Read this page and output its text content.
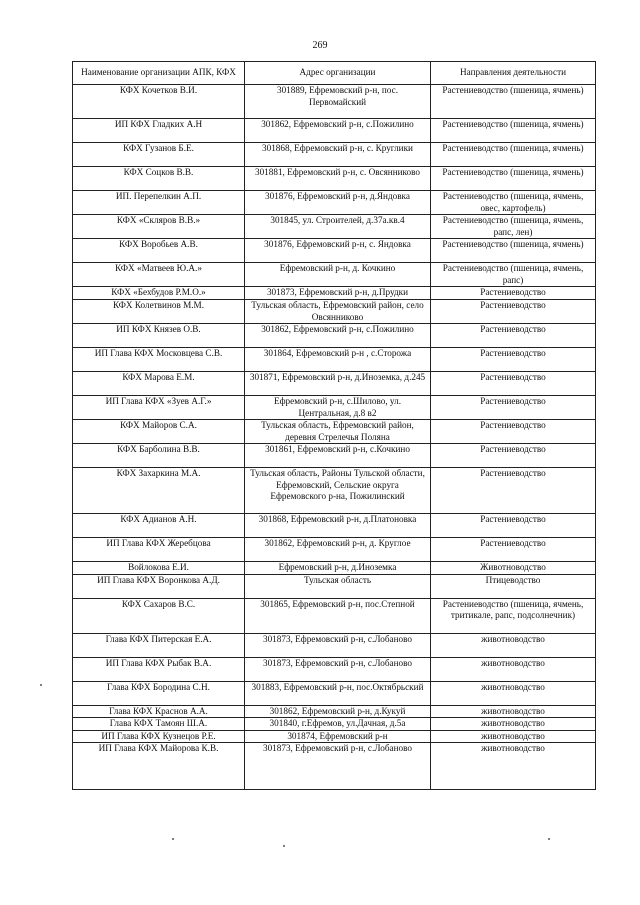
269
Наименование организации АПК, КФХ	Адрес организации	Направления деятельности
КФХ Кочетков В.И.	301889, Ефремовский р-н, пос. Первомайский	Растениеводство (пшеница, ячмень)
ИП КФХ Гладких А.Н	301862, Ефремовский р-н, с.Пожилино	Растениеводство (пшеница, ячмень)
КФХ Гузанов Б.Е.	301868, Ефремовский р-н, с. Круглики	Растениеводство (пшеница, ячмень)
КФХ Соцков В.В.	301881, Ефремовский р-н, с. Овсянниково	Растениеводство (пшеница, ячмень)
ИП. Перепелкин А.П.	301876, Ефремовский р-н, д.Яндовка	Растениеводство (пшеница, ячмень, овес, картофель)
КФХ «Скляров В.В.»	301845, ул. Строителей, д.37а.кв.4	Растениеводство (пшеница, ячмень, рапс, лен)
КФХ Воробьев А.В.	301876, Ефремовский р-н, с. Яндовка	Растениеводство (пшеница, ячмень)
КФХ «Матвеев Ю.А.»	Ефремовский р-н, д. Кочкино	Растениеводство (пшеница, ячмень, рапс)
КФХ «Бехбудов Р.М.О.»	301873, Ефремовский р-н, д.Прудки	Растениеводство
КФХ Колетвинов М.М.	Тульская область, Ефремовский район, село Овсянниково	Растениеводство
ИП КФХ Князев О.В.	301862, Ефремовский р-н, с.Пожилино	Растениеводство
ИП Глава КФХ Московцева С.В.	301864, Ефремовский р-н , с.Сторожа	Растениеводство
КФХ Марова Е.М.	301871, Ефремовский р-н, д.Иноземка, д.245	Растениеводство
ИП Глава КФХ «Зуев А.Г.»	Ефремовский р-н, с.Шилово, ул. Центральная, д.8 в2	Растениеводство
КФХ Майоров С.А.	Тульская область, Ефремовский район, деревня Стрелечья Поляна	Растениеводство
КФХ Барболина В.В.	301861, Ефремовский р-н, с.Кочкино	Растениеводство
КФХ Захаркина М.А.	Тульская область, Районы Тульской области, Ефремовский, Сельские округа Ефремовского р-на, Пожилинский	Растениеводство
КФХ Адианов А.Н.	301868, Ефремовский р-н, д.Платоновка	Растениеводство
ИП Глава КФХ Жеребцова	301862, Ефремовский р-н, д. Круглое	Растениеводство
Войлокова Е.И.	Ефремовский р-н, д.Иноземка	Животноводство
ИП Глава КФХ Воронкова А.Д.	Тульская область	Птицеводство
КФХ Сахаров В.С.	301865, Ефремовский р-н, пос.Степной	Растениеводство (пшеница, ячмень, тритикале, рапс, подсолнечник)
Глава КФХ Питерская Е.А.	301873, Ефремовский р-н, с.Лобаново	животноводство
ИП Глава КФХ Рыбак В.А.	301873, Ефремовский р-н, с.Лобаново	животноводство
Глава КФХ Бородина С.Н.	301883, Ефремовский р-н, пос.Октябрьский	животноводство
Глава КФХ Краснов А.А.	301862, Ефремовский р-н, д.Кукуй	животноводство
Глава КФХ Тамоян Ш.А.	301840, г.Ефремов, ул.Дачная, д.5а	животноводство
ИП Глава КФХ Кузнецов Р.Е.	301874, Ефремовский р-н	животноводство
ИП Глава КФХ Майорова К.В.	301873, Ефремовский р-н, с.Лобаново	животноводство
